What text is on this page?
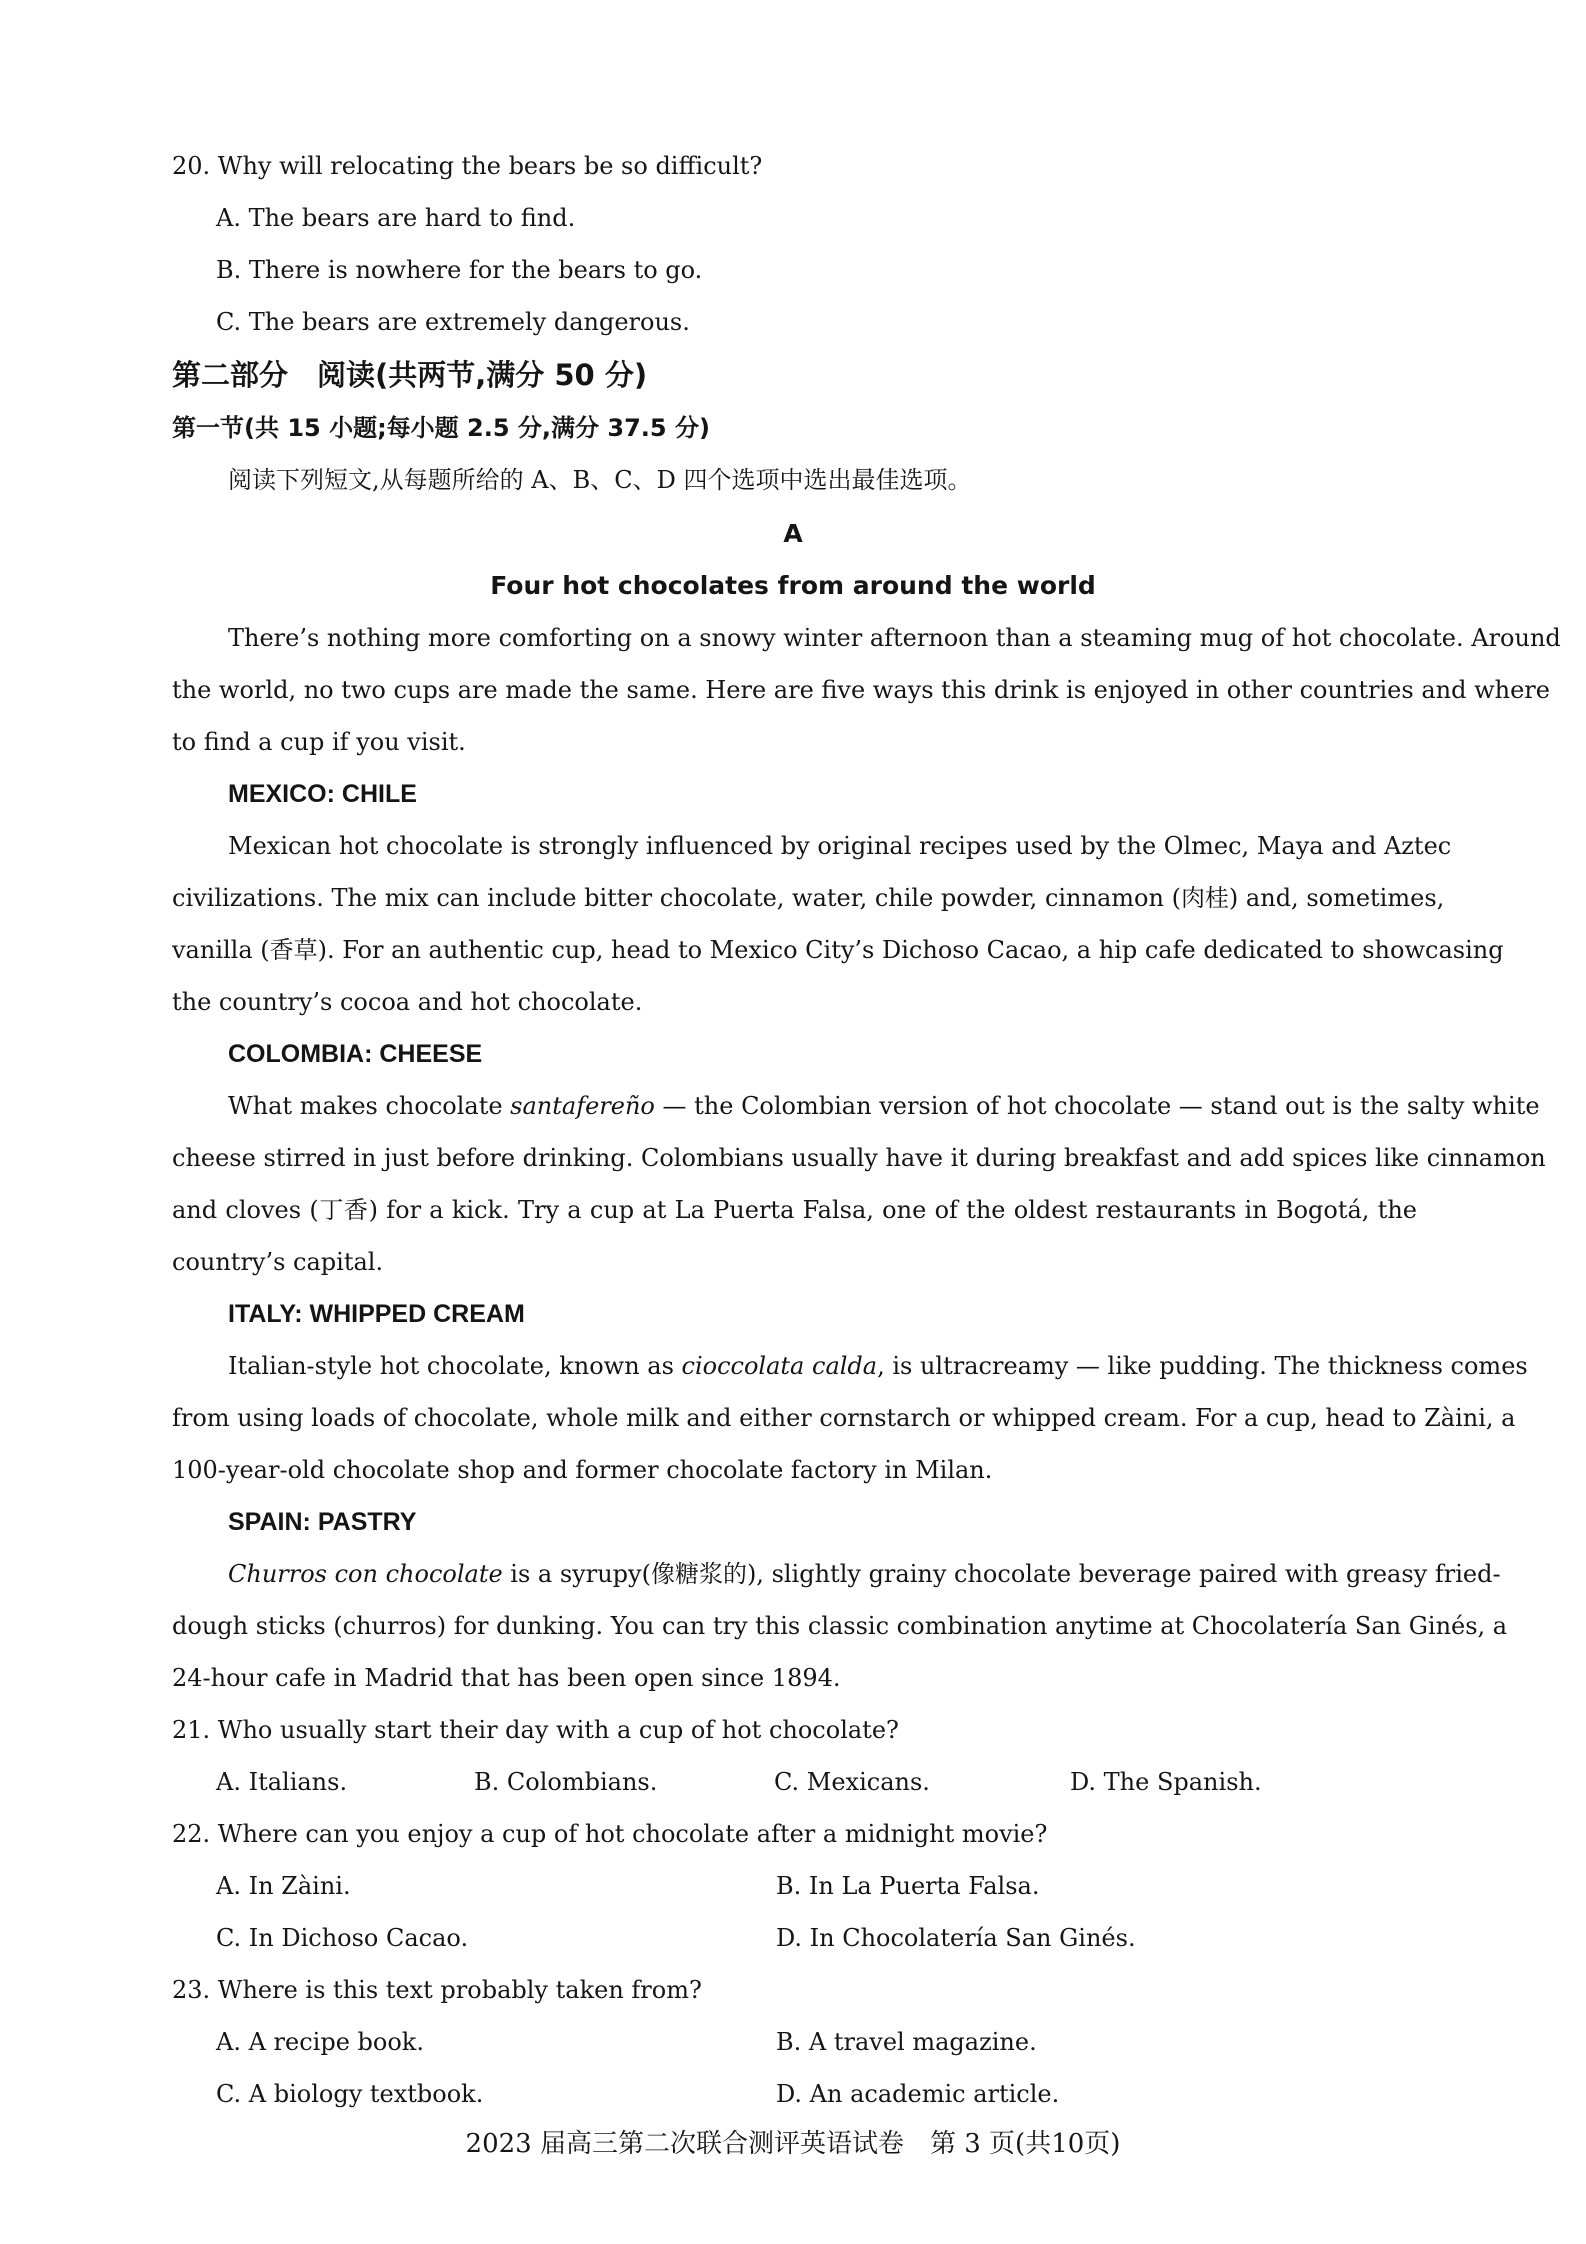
20. Why will relocating the bears be so difficult?
A. The bears are hard to find.
B. There is nowhere for the bears to go.
C. The bears are extremely dangerous.
第二部分　阅读(共两节,满分 50 分)
第一节(共 15 小题;每小题 2.5 分,满分 37.5 分)
阅读下列短文,从每题所给的 A、B、C、D 四个选项中选出最佳选项。
A
Four hot chocolates from around the world
There’s nothing more comforting on a snowy winter afternoon than a steaming mug of hot chocolate. Around
the world, no two cups are made the same. Here are five ways this drink is enjoyed in other countries and where
to find a cup if you visit.
MEXICO: CHILE
Mexican hot chocolate is strongly influenced by original recipes used by the Olmec, Maya and Aztec
civilizations. The mix can include bitter chocolate, water, chile powder, cinnamon (肉桂) and, sometimes,
vanilla (香草). For an authentic cup, head to Mexico City’s Dichoso Cacao, a hip cafe dedicated to showcasing
the country’s cocoa and hot chocolate.
COLOMBIA: CHEESE
What makes chocolate santafereño — the Colombian version of hot chocolate — stand out is the salty white
cheese stirred in just before drinking. Colombians usually have it during breakfast and add spices like cinnamon
and cloves (丁香) for a kick. Try a cup at La Puerta Falsa, one of the oldest restaurants in Bogotá, the
country’s capital.
ITALY: WHIPPED CREAM
Italian-style hot chocolate, known as cioccolata calda, is ultracreamy — like pudding. The thickness comes
from using loads of chocolate, whole milk and either cornstarch or whipped cream. For a cup, head to Zàini, a
100-year-old chocolate shop and former chocolate factory in Milan.
SPAIN: PASTRY
Churros con chocolate is a syrupy(像糖浆的), slightly grainy chocolate beverage paired with greasy fried-
dough sticks (churros) for dunking. You can try this classic combination anytime at Chocolatería San Ginés, a
24-hour cafe in Madrid that has been open since 1894.
21. Who usually start their day with a cup of hot chocolate?
A. Italians.	B. Colombians.	C. Mexicans.	D. The Spanish.
22. Where can you enjoy a cup of hot chocolate after a midnight movie?
A. In Zàini.	B. In La Puerta Falsa.
C. In Dichoso Cacao.	D. In Chocolatería San Ginés.
23. Where is this text probably taken from?
A. A recipe book.	B. A travel magazine.
C. A biology textbook.	D. An academic article.
2023 届高三第二次联合测评英语试卷　第 3 页(共10页)
